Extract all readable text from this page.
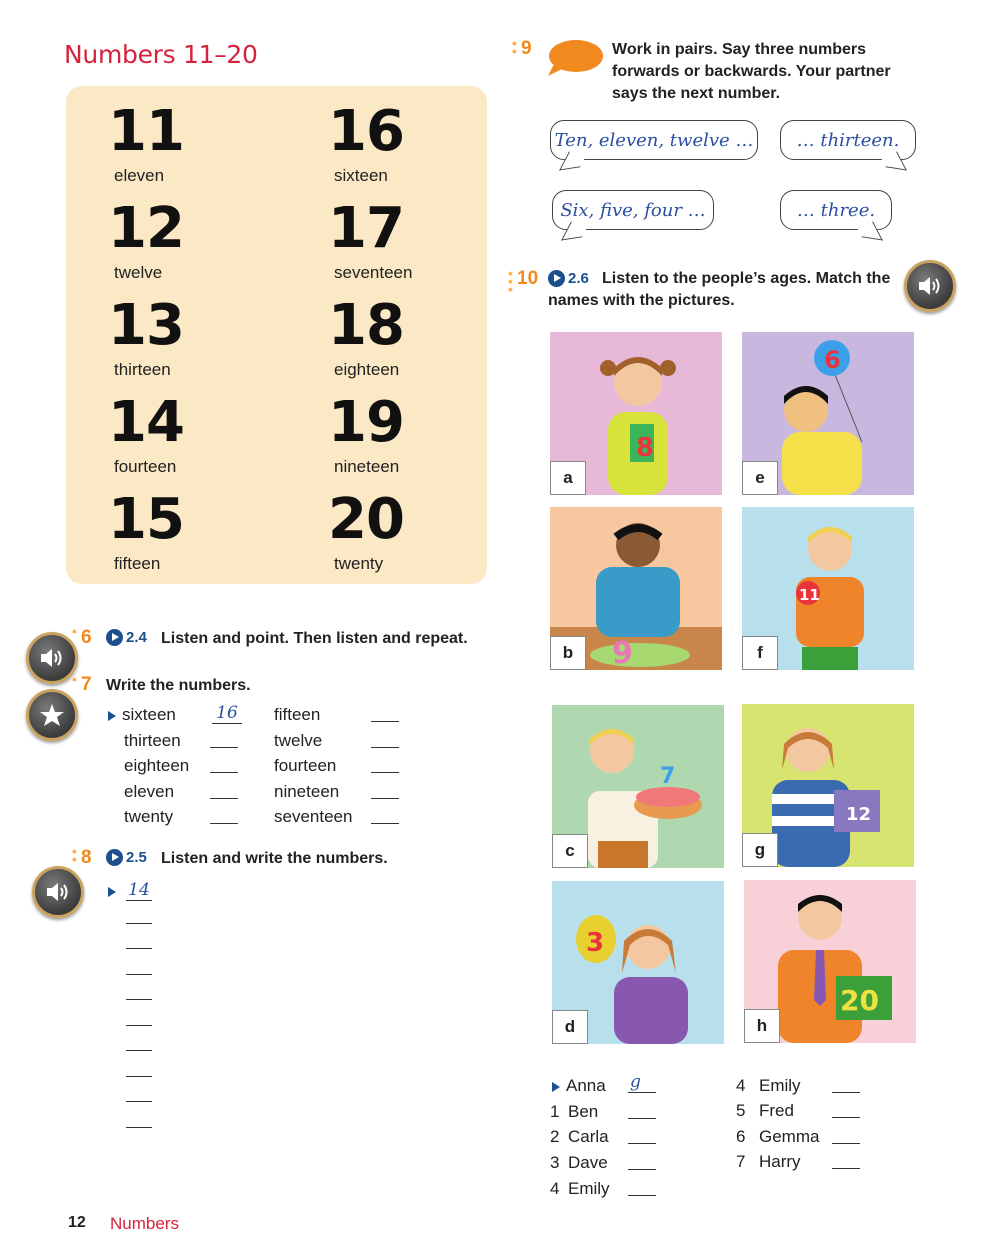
Numbers 11–20
11
eleven
12
twelve
13
thirteen
14
fourteen
15
fifteen
16
sixteen
17
seventeen
18
eighteen
19
nineteen
20
twenty
* 6 2.4 Listen and point. Then listen and repeat.
* 7 Write the numbers.
sixteen 16
thirteen
eighteen
eleven
twenty
fifteen
twelve
fourteen
nineteen
seventeen
*
* 8 2.5 Listen and write the numbers.
14
*
* 9	Work in pairs. Say three numbers forwards or backwards. Your partner says the next number.
Ten, eleven, twelve …	… thirteen.
Six, five, four …	… three.
*
*
*
10 2.6 Listen to the people’s ages. Match the names with the pictures.
8
a
6
e
9
b
11
f
7
c
12
g
3
d
20
h
Anna g
1 Ben
2 Carla
3 Dave
4 Emily
4 Emily
5 Fred
6 Gemma
7 Harry
12 Numbers
